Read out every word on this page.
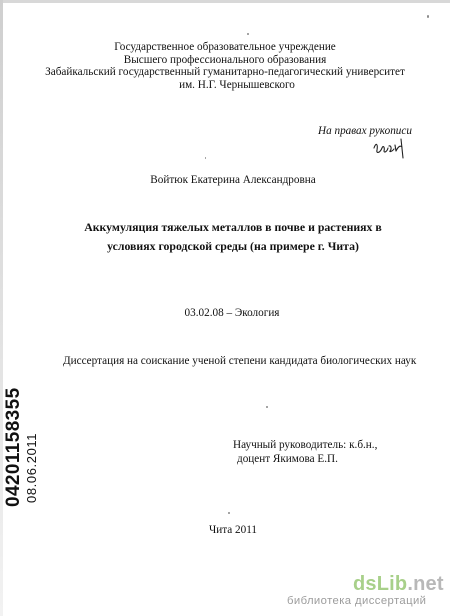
Государственное образовательное учреждение
Высшего профессионального образования
Забайкальский государственный гуманитарно-педагогический университет
им. Н.Г. Чернышевского
На правах рукописи
Войтюк Екатерина Александровна
Аккумуляция тяжелых металлов в почве и растениях в
условиях городской среды (на примере г. Чита)
03.02.08 – Экология
Диссертация на соискание ученой степени кандидата биологических наук
Научный руководитель: к.б.н.,
доцент Якимова Е.П.
Чита 2011
04201158355 08.06.2011
dsLib.net
библиотека диссертаций
